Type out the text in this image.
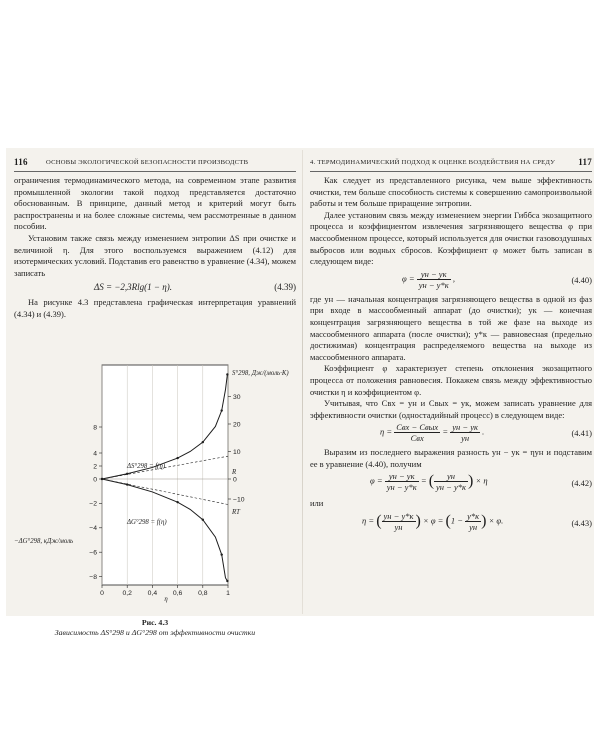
116	ОСНОВЫ ЭКОЛОГИЧЕСКОЙ БЕЗОПАСНОСТИ ПРОИЗВОДСТВ

ограничения термодинамического метода, на современном этапе развития промышленной экологии такой подход представляется достаточно обоснованным. В принципе, данный метод и критерий могут быть распространены и на более сложные системы, чем рассмотренные в данном пособии.

Установим также связь между изменением энтропии ΔS при очистке и величиной η. Для этого воспользуемся выражением (4.12) для изотермических условий. Подставив его равенство в уравнение (4.34), можем записать

ΔS = −2,3Rlg(1 − η).	(4.39)

На рисунке 4.3 представлена графическая интерпретация уравнений (4.34) и (4.39).

0	0,2 0,4 0,6 0,8	1
8
4
2
0
−2
−4
−6
−8
30
20
10
0
−10
η
S°298, Дж/(моль·К)
−ΔG°298, кДж/моль
ΔS°298 = f(η)
ΔG°298 = f(η)
R
RT
Рис. 4.3
Зависимость ΔS°298 и ΔG°298 от эффективности очистки
4. ТЕРМОДИНАМИЧЕСКИЙ ПОДХОД К ОЦЕНКЕ ВОЗДЕЙСТВИЯ НА СРЕДУ	117

Как следует из представленного рисунка, чем выше эффективность очистки, тем больше способность системы к совершению самопроизвольной работы и тем больше приращение энтропии.

Далее установим связь между изменением энергии Гиббса экозащитного процесса и коэффициентом извлечения загрязняющего вещества φ при массообменном процессе, который используется для очистки газовоздушных выбросов или водных сбросов. Коэффициент φ может быть записан в следующем виде:

φ = yн − yк
yн − y*к
,	(4.40)

где yн — начальная концентрация загрязняющего вещества в одной из фаз при входе в массообменный аппарат (до очистки); yк — конечная концентрация загрязняющего вещества в той же фазе на выходе из массообменного аппарата (после очистки); y*к — равновесная (предельно достижимая) концентрация распределяемого вещества на выходе из массообменного аппарата.

Коэффициент φ характеризует степень отклонения экозащитного процесса от положения равновесия. Покажем связь между эффективностью очистки η и коэффициентом φ.

Учитывая, что Cвх = yн и Cвых = yк, можем записать уравнение для эффективности очистки (одностадийный процесс) в следующем виде:

η = Cвх − Cвых
Cвх
= yн − yк
yн
.	(4.41)

Выразим из последнего выражения разность yн − yк = ηyн и подставим ее в уравнение (4.40), получим

φ = yн − yк
yн − y*к
= (	yн
yн − y*к ) × η	(4.42)

или

η = ( yн − y*к
yн ) × φ = (1 − y*к
yн ) × φ.	(4.43)
